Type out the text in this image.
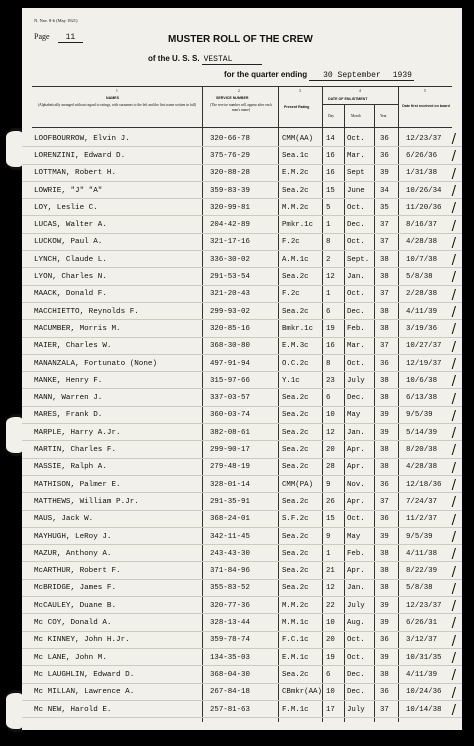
N. Nav. 8-b (May 1921)
Page 11	MUSTER ROLL OF THE CREW
of the U. S. S. VESTAL
for the quarter ending 30 September 1939
1	2	3	4	5
NAMES
(Alphabetically arranged without regard to ratings, with surnames to the left and the first name written in full)
SERVICE NUMBER
(The service number will appear after each man's name)
Present Rating
DATE OF ENLISTMENT
Day	Month	Year
Date first received on board
LOOFBOURROW, Elvin J.	320-66-78	CMM(AA)	14	Oct.	36	12/23/37 /
LORENZINI, Edward D.	375-76-29	Sea.1c	16	Mar.	36	6/26/36	/
LOTTMAN, Robert H.	320-88-28	E.M.2c	16	Sept	39	1/31/38	/
LOWRIE, "J" "A"	359-83-39	Sea.2c	15	June	34	10/26/34 /
LOY, Leslie C.	320-99-81	M.M.2c	5	Oct.	35	11/20/36 /
LUCAS, Walter A.	204-42-89	Pmkr.1c	1	Dec.	37	8/16/37	/
LUCKOW, Paul A.	321-17-16	F.2c	8	Oct.	37	4/28/38	/
LYNCH, Claude L.	336-30-02	A.M.1c	2	Sept.	38	10/7/38	/
LYON, Charles N.	291-53-54	Sea.2c	12	Jan.	38	5/8/38	/
MAACK, Donald F.	321-20-43	F.2c	1	Oct.	37	2/28/38	/
MACCHIETTO, Reynolds F.	299-93-02	Sea.2c	6	Dec.	38	4/11/39	/
MACUMBER, Morris M.	320-85-16	Bmkr.1c	19	Feb.	38	3/19/36	/
MAIER, Charles W.	368-30-80	E.M.3c	16	Mar.	37	10/27/37 /
MANANZALA, Fortunato (None)	497-91-94	O.C.2c	8	Oct.	36	12/19/37 /
MANKE, Henry F.	315-97-66	Y.1c	23	July	38	10/6/38	/
MANN, Warren J.	337-03-57	Sea.2c	6	Dec.	38	6/13/38	/
MARES, Frank D.	360-03-74	Sea.2c	10	May	39	9/5/39	/
MARPLE, Harry A.Jr.	382-08-61	Sea.2c	12	Jan.	39	5/14/39	/
MARTIN, Charles F.	299-90-17	Sea.2c	20	Apr.	38	8/20/38	/
MASSIE, Ralph A.	279-48-19	Sea.2c	28	Apr.	38	4/28/38	/
MATHISON, Palmer E.	328-01-14	CMM(PA)	9	Nov.	36	12/18/36 /
MATTHEWS, William P.Jr.	291-35-91	Sea.2c	26	Apr.	37	7/24/37	/
MAUS, Jack W.	368-24-01	S.F.2c	15	Oct.	36	11/2/37	/
MAYHUGH, LeRoy J.	342-11-45	Sea.2c	9	May	39	9/5/39	/
MAZUR, Anthony A.	243-43-30	Sea.2c	1	Feb.	38	4/11/38	/
McARTHUR, Robert F.	371-84-96	Sea.2c	21	Apr.	38	8/22/39	/
McBRIDGE, James F.	355-83-52	Sea.2c	12	Jan.	38	5/8/38	/
McCAULEY, Duane B.	320-77-36	M.M.2c	22	July	39	12/23/37 /
Mc COY, Donald A.	328-13-44	M.M.1c	10	Aug.	39	6/26/31	/
Mc KINNEY, John H.Jr.	359-78-74	F.C.1c	20	Oct.	36	3/12/37	/
Mc LANE, John M.	134-35-03	E.M.1c	19	Oct.	39	10/31/35 /
Mc LAUGHLIN, Edward D.	368-04-30	Sea.2c	6	Dec.	38	4/11/39	/
Mc MILLAN, Lawrence A.	267-84-18	CBmkr(AA) 10	Dec.	36	10/24/36 /
Mc NEW, Harold E.	257-81-63	F.M.1c	17	July	37	10/14/38 /
